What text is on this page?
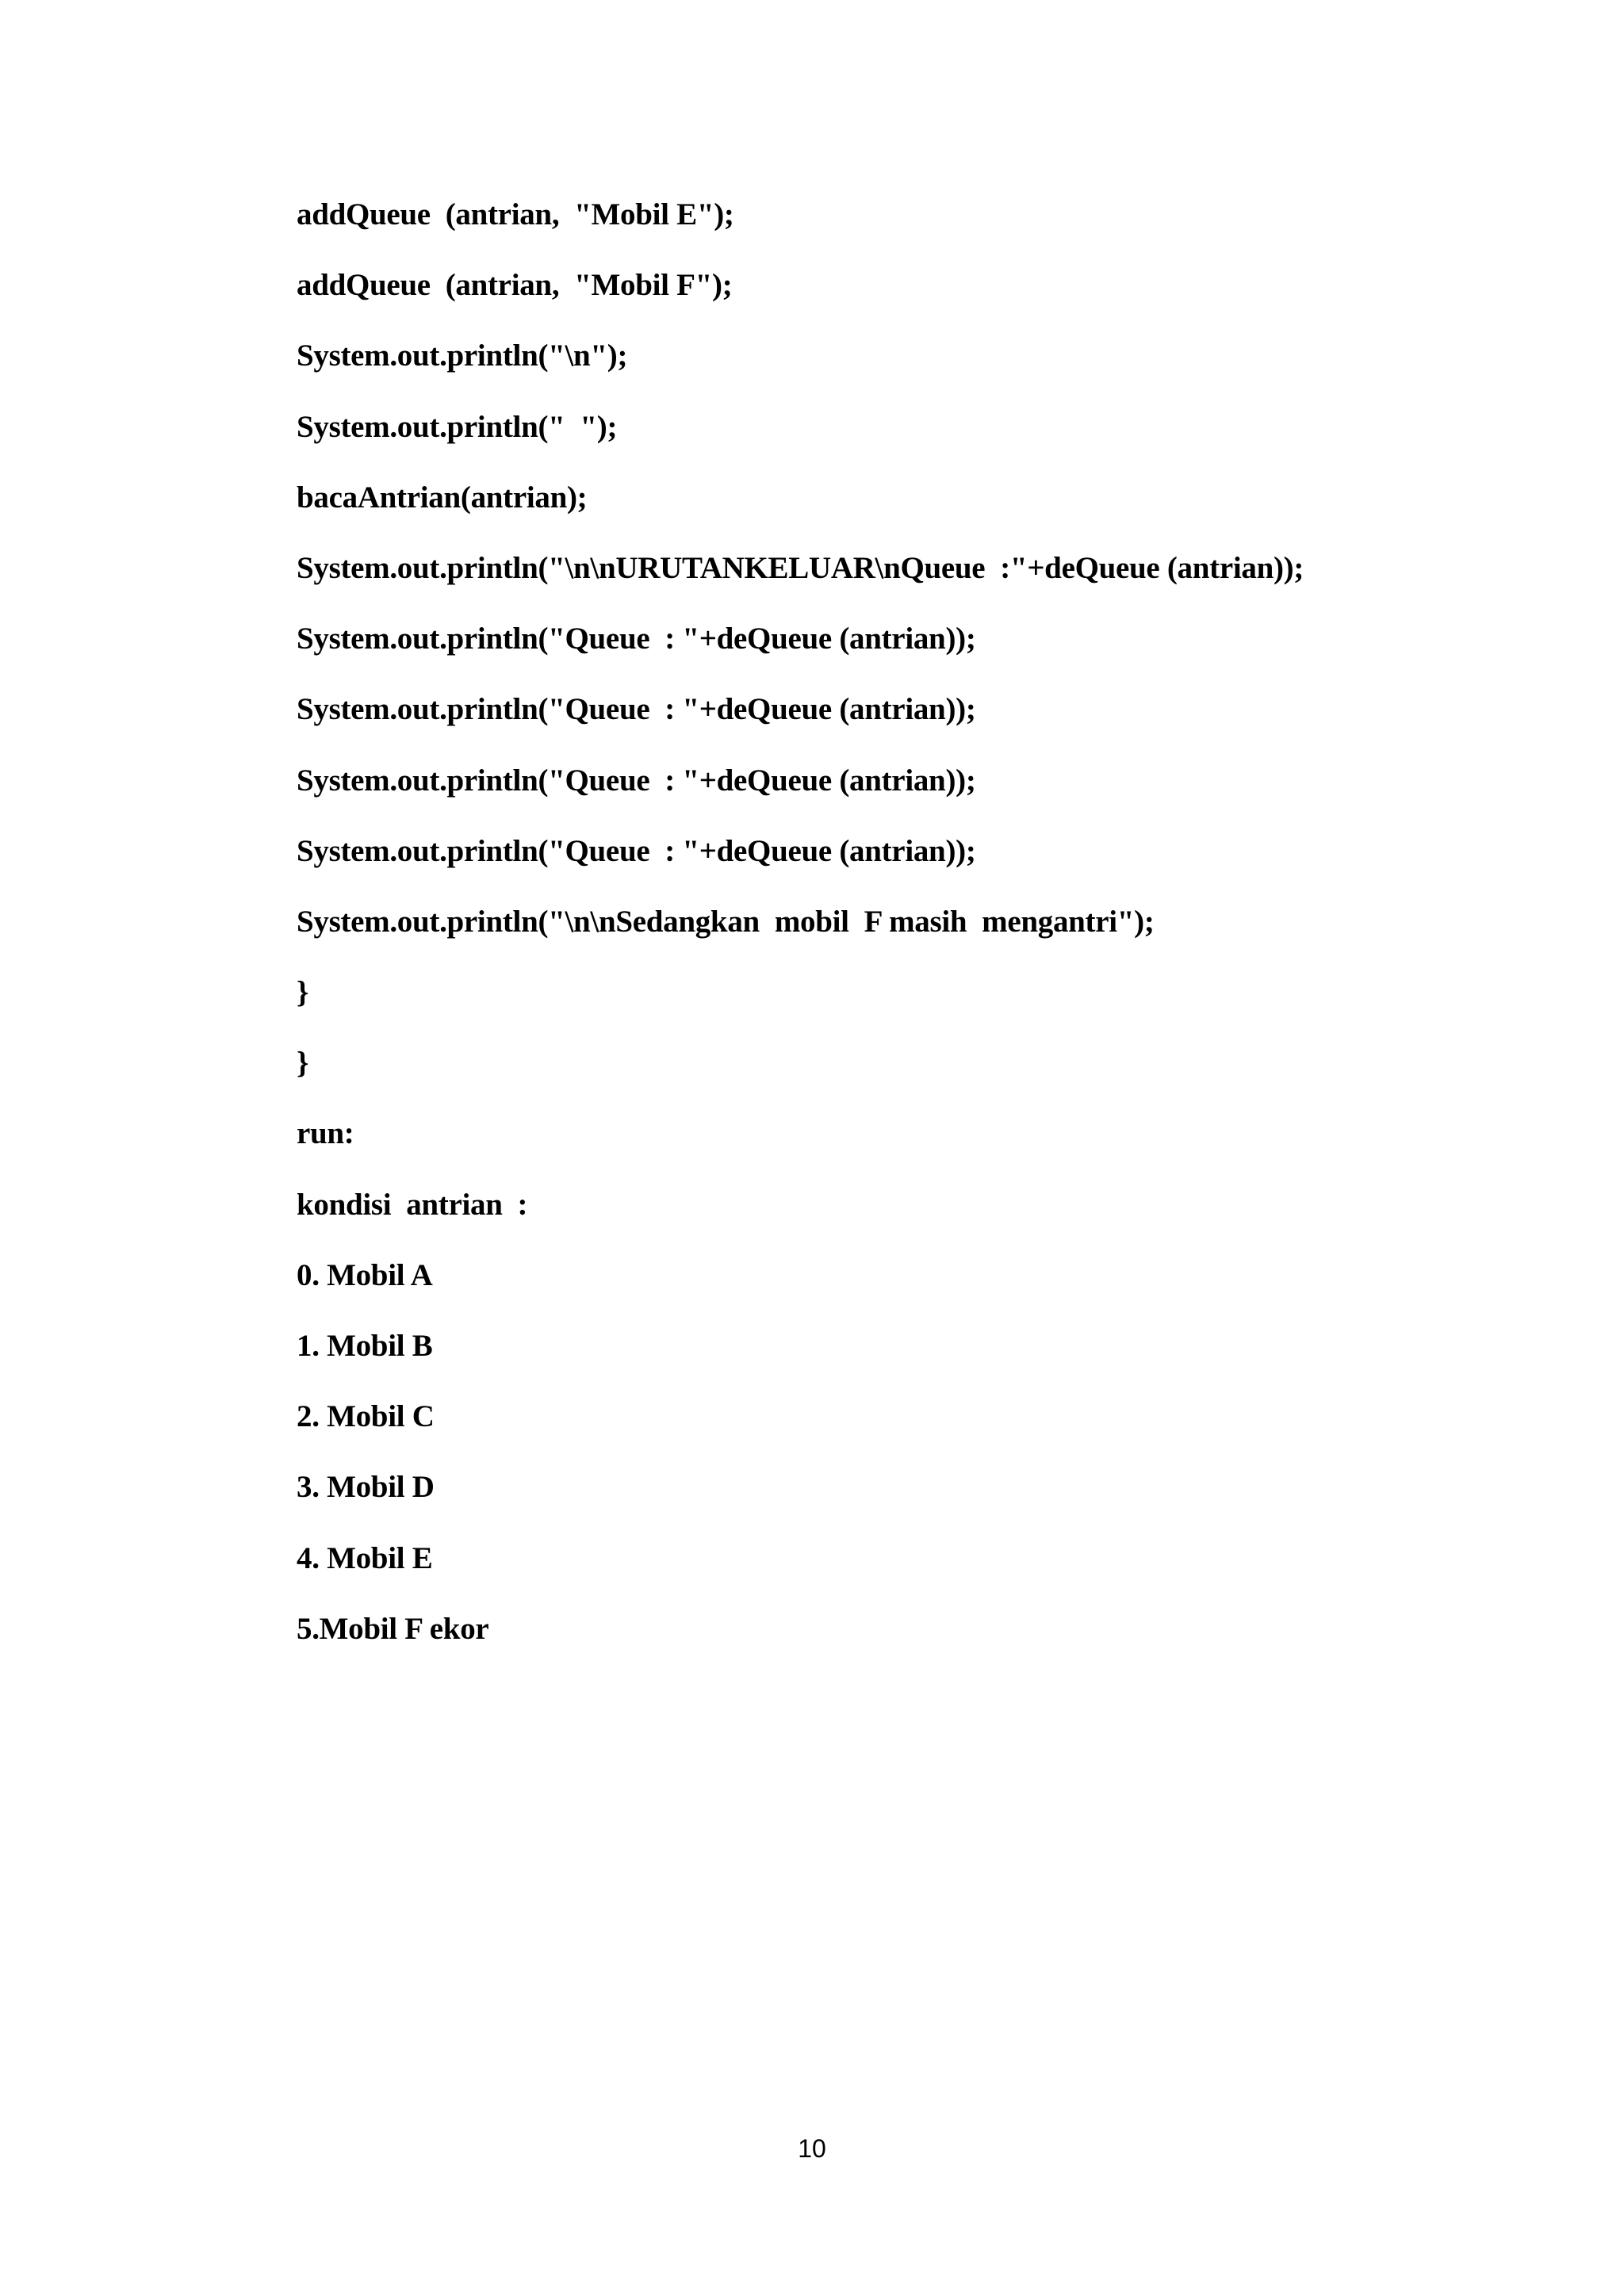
addQueue  (antrian,  "Mobil E");
addQueue  (antrian,  "Mobil F");
System.out.println("\n");
System.out.println("  ");
bacaAntrian(antrian);
System.out.println("\n\nURUTANKELUAR\nQueue  :"+deQueue (antrian));
System.out.println("Queue  : "+deQueue (antrian));
System.out.println("Queue  : "+deQueue (antrian));
System.out.println("Queue  : "+deQueue (antrian));
System.out.println("Queue  : "+deQueue (antrian));
System.out.println("\n\nSedangkan  mobil  F masih  mengantri");
}
}
run:
kondisi  antrian  :
0. Mobil A
1. Mobil B
2. Mobil C
3. Mobil D
4. Mobil E
5.Mobil F ekor
10
